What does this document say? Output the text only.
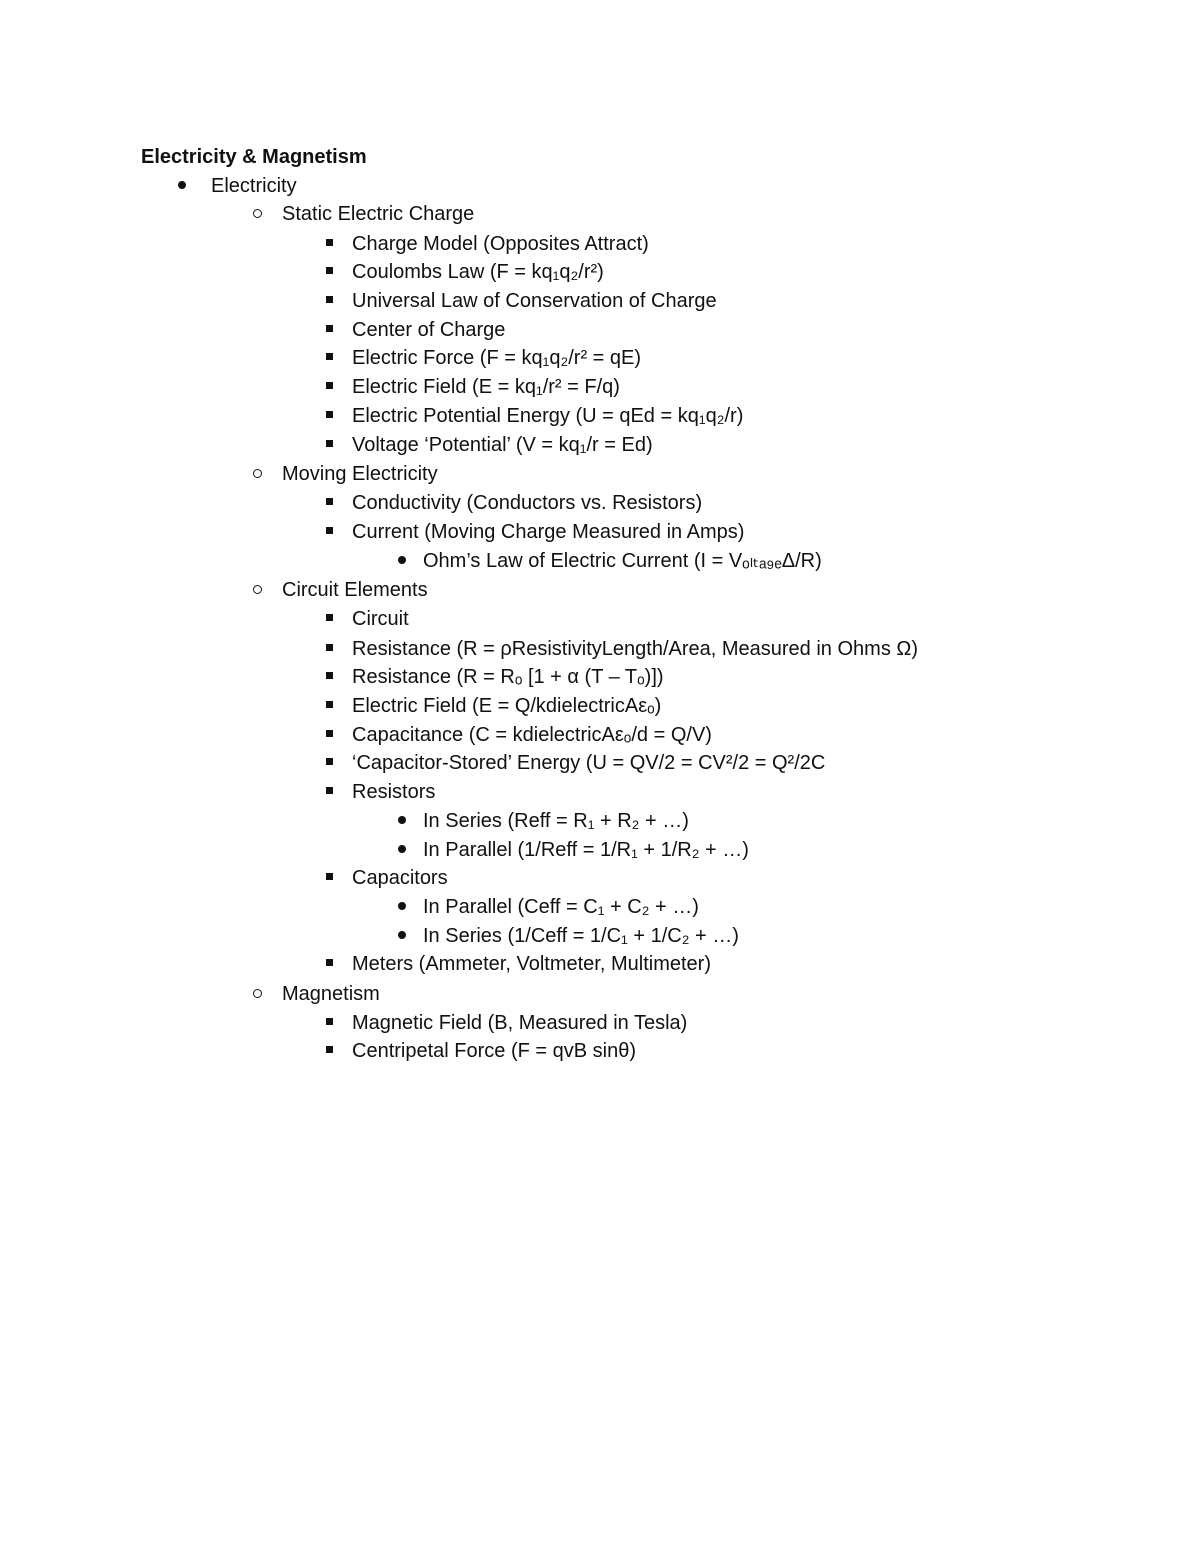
Electricity & Magnetism
Electricity
Static Electric Charge
Charge Model (Opposites Attract)
Coulombs Law (F = kq₁q₂/r²)
Universal Law of Conservation of Charge
Center of Charge
Electric Force (F = kq₁q₂/r² = qE)
Electric Field (E = kq₁/r² = F/q)
Electric Potential Energy (U = qEd = kq₁q₂/r)
Voltage ‘Potential’ (V = kq₁/r = Ed)
Moving Electricity
Conductivity (Conductors vs. Resistors)
Current (Moving Charge Measured in Amps)
Ohm’s Law of Electric Current (I = Vₒₗₜₐ₉ₑΔ/R)
Circuit Elements
Circuit
Resistance (R = ρResistivityLength/Area, Measured in Ohms Ω)
Resistance (R = Rₒ [1 + α (T – Tₒ)])
Electric Field (E = Q/kdielectricAεₒ)
Capacitance (C = kdielectricAεₒ/d = Q/V)
‘Capacitor-Stored’ Energy (U = QV/2 = CV²/2 = Q²/2C
Resistors
In Series (Reff = R₁ + R₂ + …)
In Parallel (1/Reff = 1/R₁ + 1/R₂ + …)
Capacitors
In Parallel (Ceff = C₁ + C₂ + …)
In Series (1/Ceff = 1/C₁ + 1/C₂ + …)
Meters (Ammeter, Voltmeter, Multimeter)
Magnetism
Magnetic Field (B, Measured in Tesla)
Centripetal Force (F = qvB sinθ)
